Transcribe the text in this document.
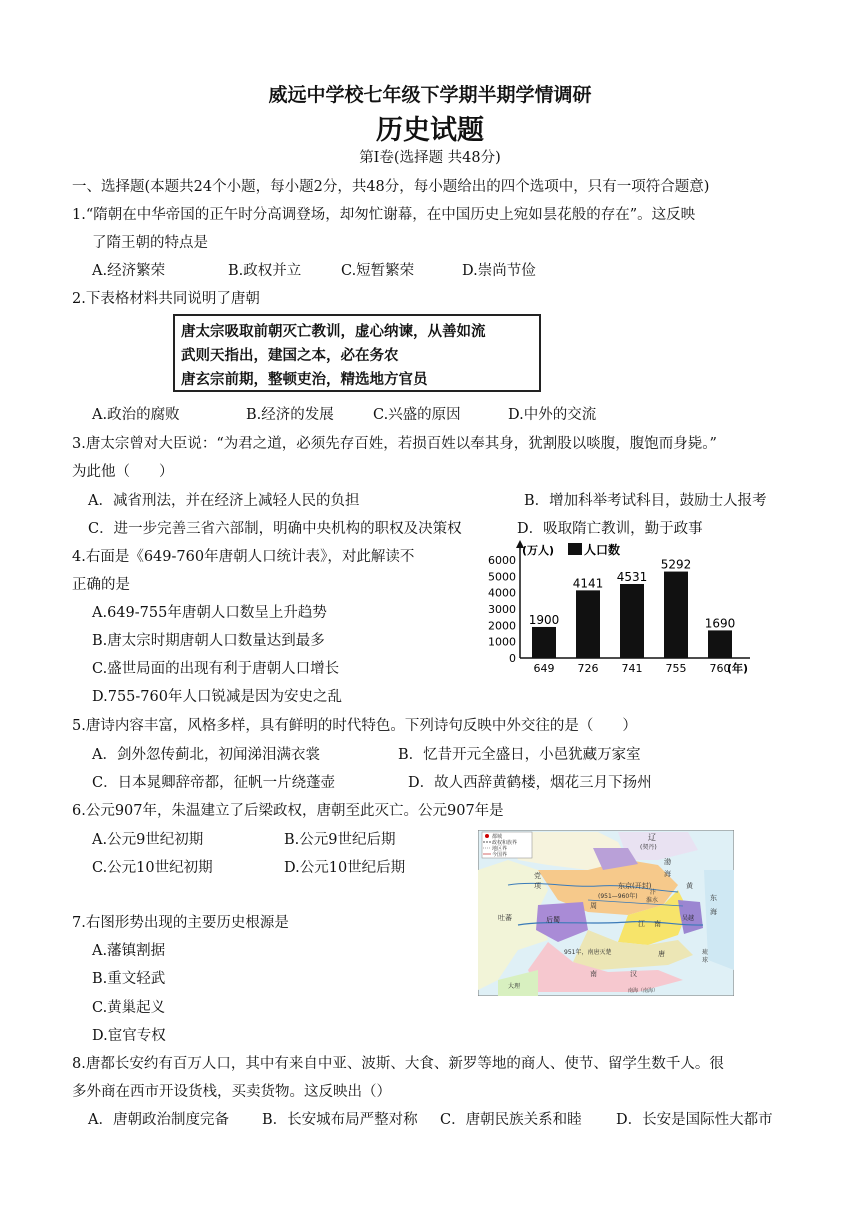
威远中学校七年级下学期半期学情调研
历史试题
第Ⅰ卷(选择题 共48分)
一、选择题(本题共24个小题，每小题2分，共48分，每小题给出的四个选项中，只有一项符合题意)
1.“隋朝在中华帝国的正午时分高调登场，却匆忙谢幕，在中国历史上宛如昙花般的存在”。这反映
了隋王朝的特点是
A.经济繁荣	B.政权并立	C.短暂繁荣	D.崇尚节俭
2.下表格材料共同说明了唐朝
唐太宗吸取前朝灭亡教训，虚心纳谏，从善如流
武则天指出，建国之本，必在务农
唐玄宗前期，整顿吏治，精选地方官员
A.政治的腐败	B.经济的发展	C.兴盛的原因	D.中外的交流
3.唐太宗曾对大臣说：“为君之道，必须先存百姓，若损百姓以奉其身，犹割股以啖腹，腹饱而身毙。”
为此他（　　）
A．减省刑法，并在经济上减轻人民的负担	B．增加科举考试科目，鼓励士人报考
C．进一步完善三省六部制，明确中央机构的职权及决策权	D．吸取隋亡教训，勤于政事
4.右面是《649-760年唐朝人口统计表》，对此解读不
正确的是
A.649-755年唐朝人口数呈上升趋势
B.唐太宗时期唐朝人口数量达到最多
C.盛世局面的出现有利于唐朝人口增长
D.755-760年人口锐减是因为安史之乱
(万人) 人口数
(年)
0
1000
2000
3000
4000
5000
6000
1900
649
4141
726
4531
741
5292
755
1690
760
5.唐诗内容丰富，风格多样，具有鲜明的时代特色。下列诗句反映中外交往的是（　　）
A．剑外忽传蓟北，初闻涕泪满衣裳	B．忆昔开元全盛日，小邑犹藏万家室
C．日本晁卿辞帝都，征帆一片绕蓬壶	D．故人西辞黄鹤楼，烟花三月下扬州
6.公元907年，朱温建立了后梁政权，唐朝至此灭亡。公元907年是
A.公元9世纪初期	B.公元9世纪后期
C.公元10世纪初期	D.公元10世纪后期
都城
政权和族界
地区界
今国界
辽
(契丹)
渤
海
黄
东京(开封)
(951—960年)
汴
淮水
周
党
项
后蜀	江 南
吴越
东
海
吐蕃
951年，南唐灭楚	唐
南	汉
大理
琉
球
南海（南海）
7.右图形势出现的主要历史根源是
A.藩镇割据
B.重文轻武
C.黄巢起义
D.宦官专权
8.唐都长安约有百万人口，其中有来自中亚、波斯、大食、新罗等地的商人、使节、留学生数千人。很
多外商在西市开设货栈，买卖货物。这反映出（）
A．唐朝政治制度完备 B．长安城布局严整对称 C．唐朝民族关系和睦 D．长安是国际性大都市
